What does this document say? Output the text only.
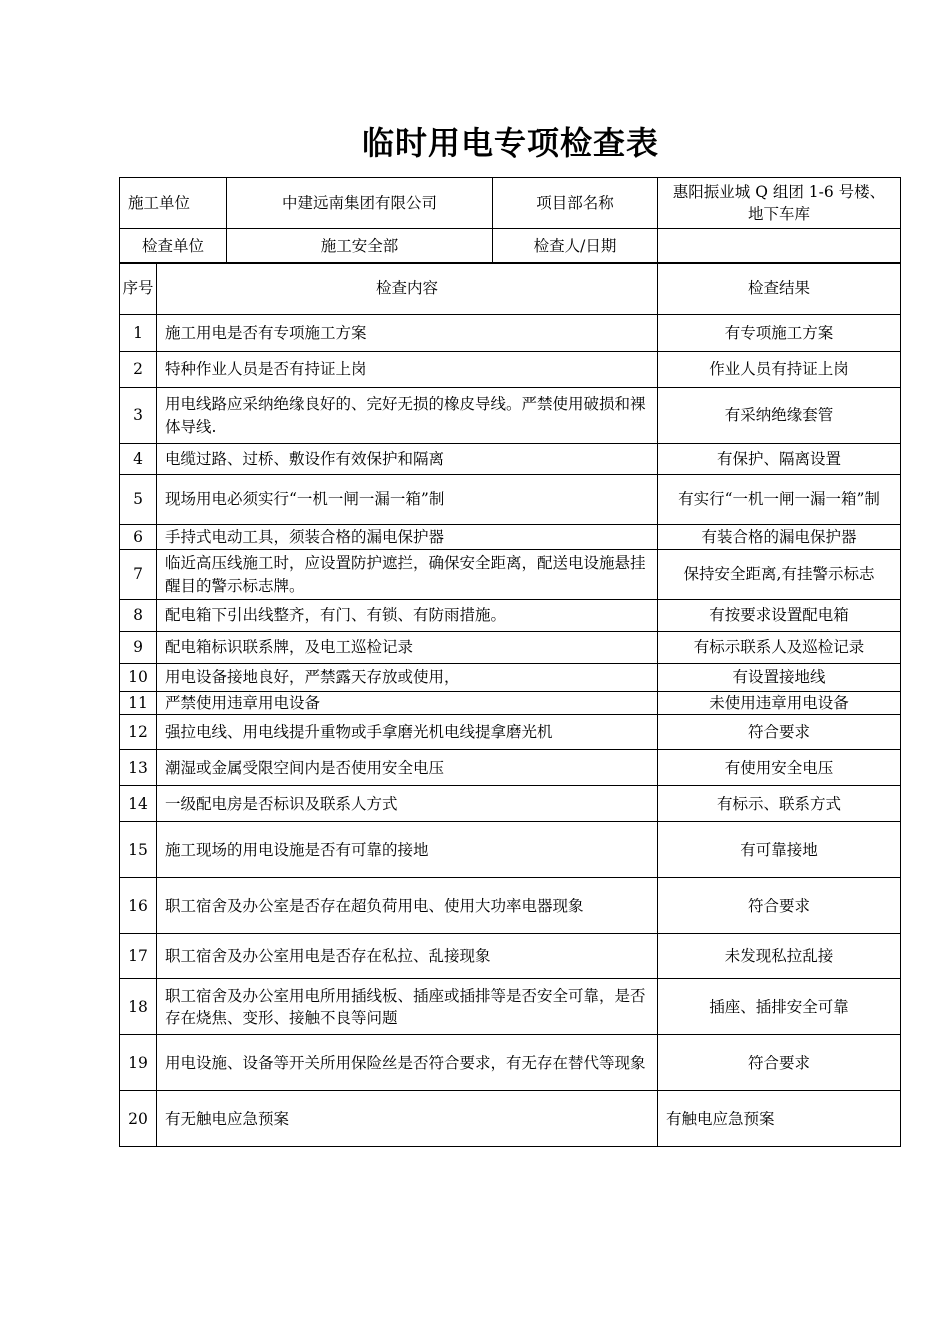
临时用电专项检查表
施工单位	中建远南集团有限公司	项目部名称	惠阳振业城 Q 组团 1-6 号楼、地下车库
检查单位	施工安全部	检查人/日期	
序号	检查内容	检查结果
1	施工用电是否有专项施工方案	有专项施工方案
2	特种作业人员是否有持证上岗	作业人员有持证上岗
3	用电线路应采纳绝缘良好的、完好无损的橡皮导线。严禁使用破损和裸体导线.	有采纳绝缘套管
4	电缆过路、过桥、敷设作有效保护和隔离	有保护、隔离设置
5	现场用电必须实行“一机一闸一漏一箱”制	有实行“一机一闸一漏一箱”制
6	手持式电动工具，须装合格的漏电保护器	有装合格的漏电保护器
7	临近高压线施工时，应设置防护遮拦，确保安全距离，配送电设施悬挂醒目的警示标志牌。	保持安全距离,有挂警示标志
8	配电箱下引出线整齐，有门、有锁、有防雨措施。	有按要求设置配电箱
9	配电箱标识联系牌，及电工巡检记录	有标示联系人及巡检记录
10	用电设备接地良好，严禁露天存放或使用，	有设置接地线
11	严禁使用违章用电设备	未使用违章用电设备
12	强拉电线、用电线提升重物或手拿磨光机电线提拿磨光机	符合要求
13	潮湿或金属受限空间内是否使用安全电压	有使用安全电压
14	一级配电房是否标识及联系人方式	有标示、联系方式
15	施工现场的用电设施是否有可靠的接地	有可靠接地
16	职工宿舍及办公室是否存在超负荷用电、使用大功率电器现象	符合要求
17	职工宿舍及办公室用电是否存在私拉、乱接现象	未发现私拉乱接
18	职工宿舍及办公室用电所用插线板、插座或插排等是否安全可靠，是否存在烧焦、变形、接触不良等问题	插座、插排安全可靠
19	用电设施、设备等开关所用保险丝是否符合要求，有无存在替代等现象	符合要求
20	有无触电应急预案	有触电应急预案
